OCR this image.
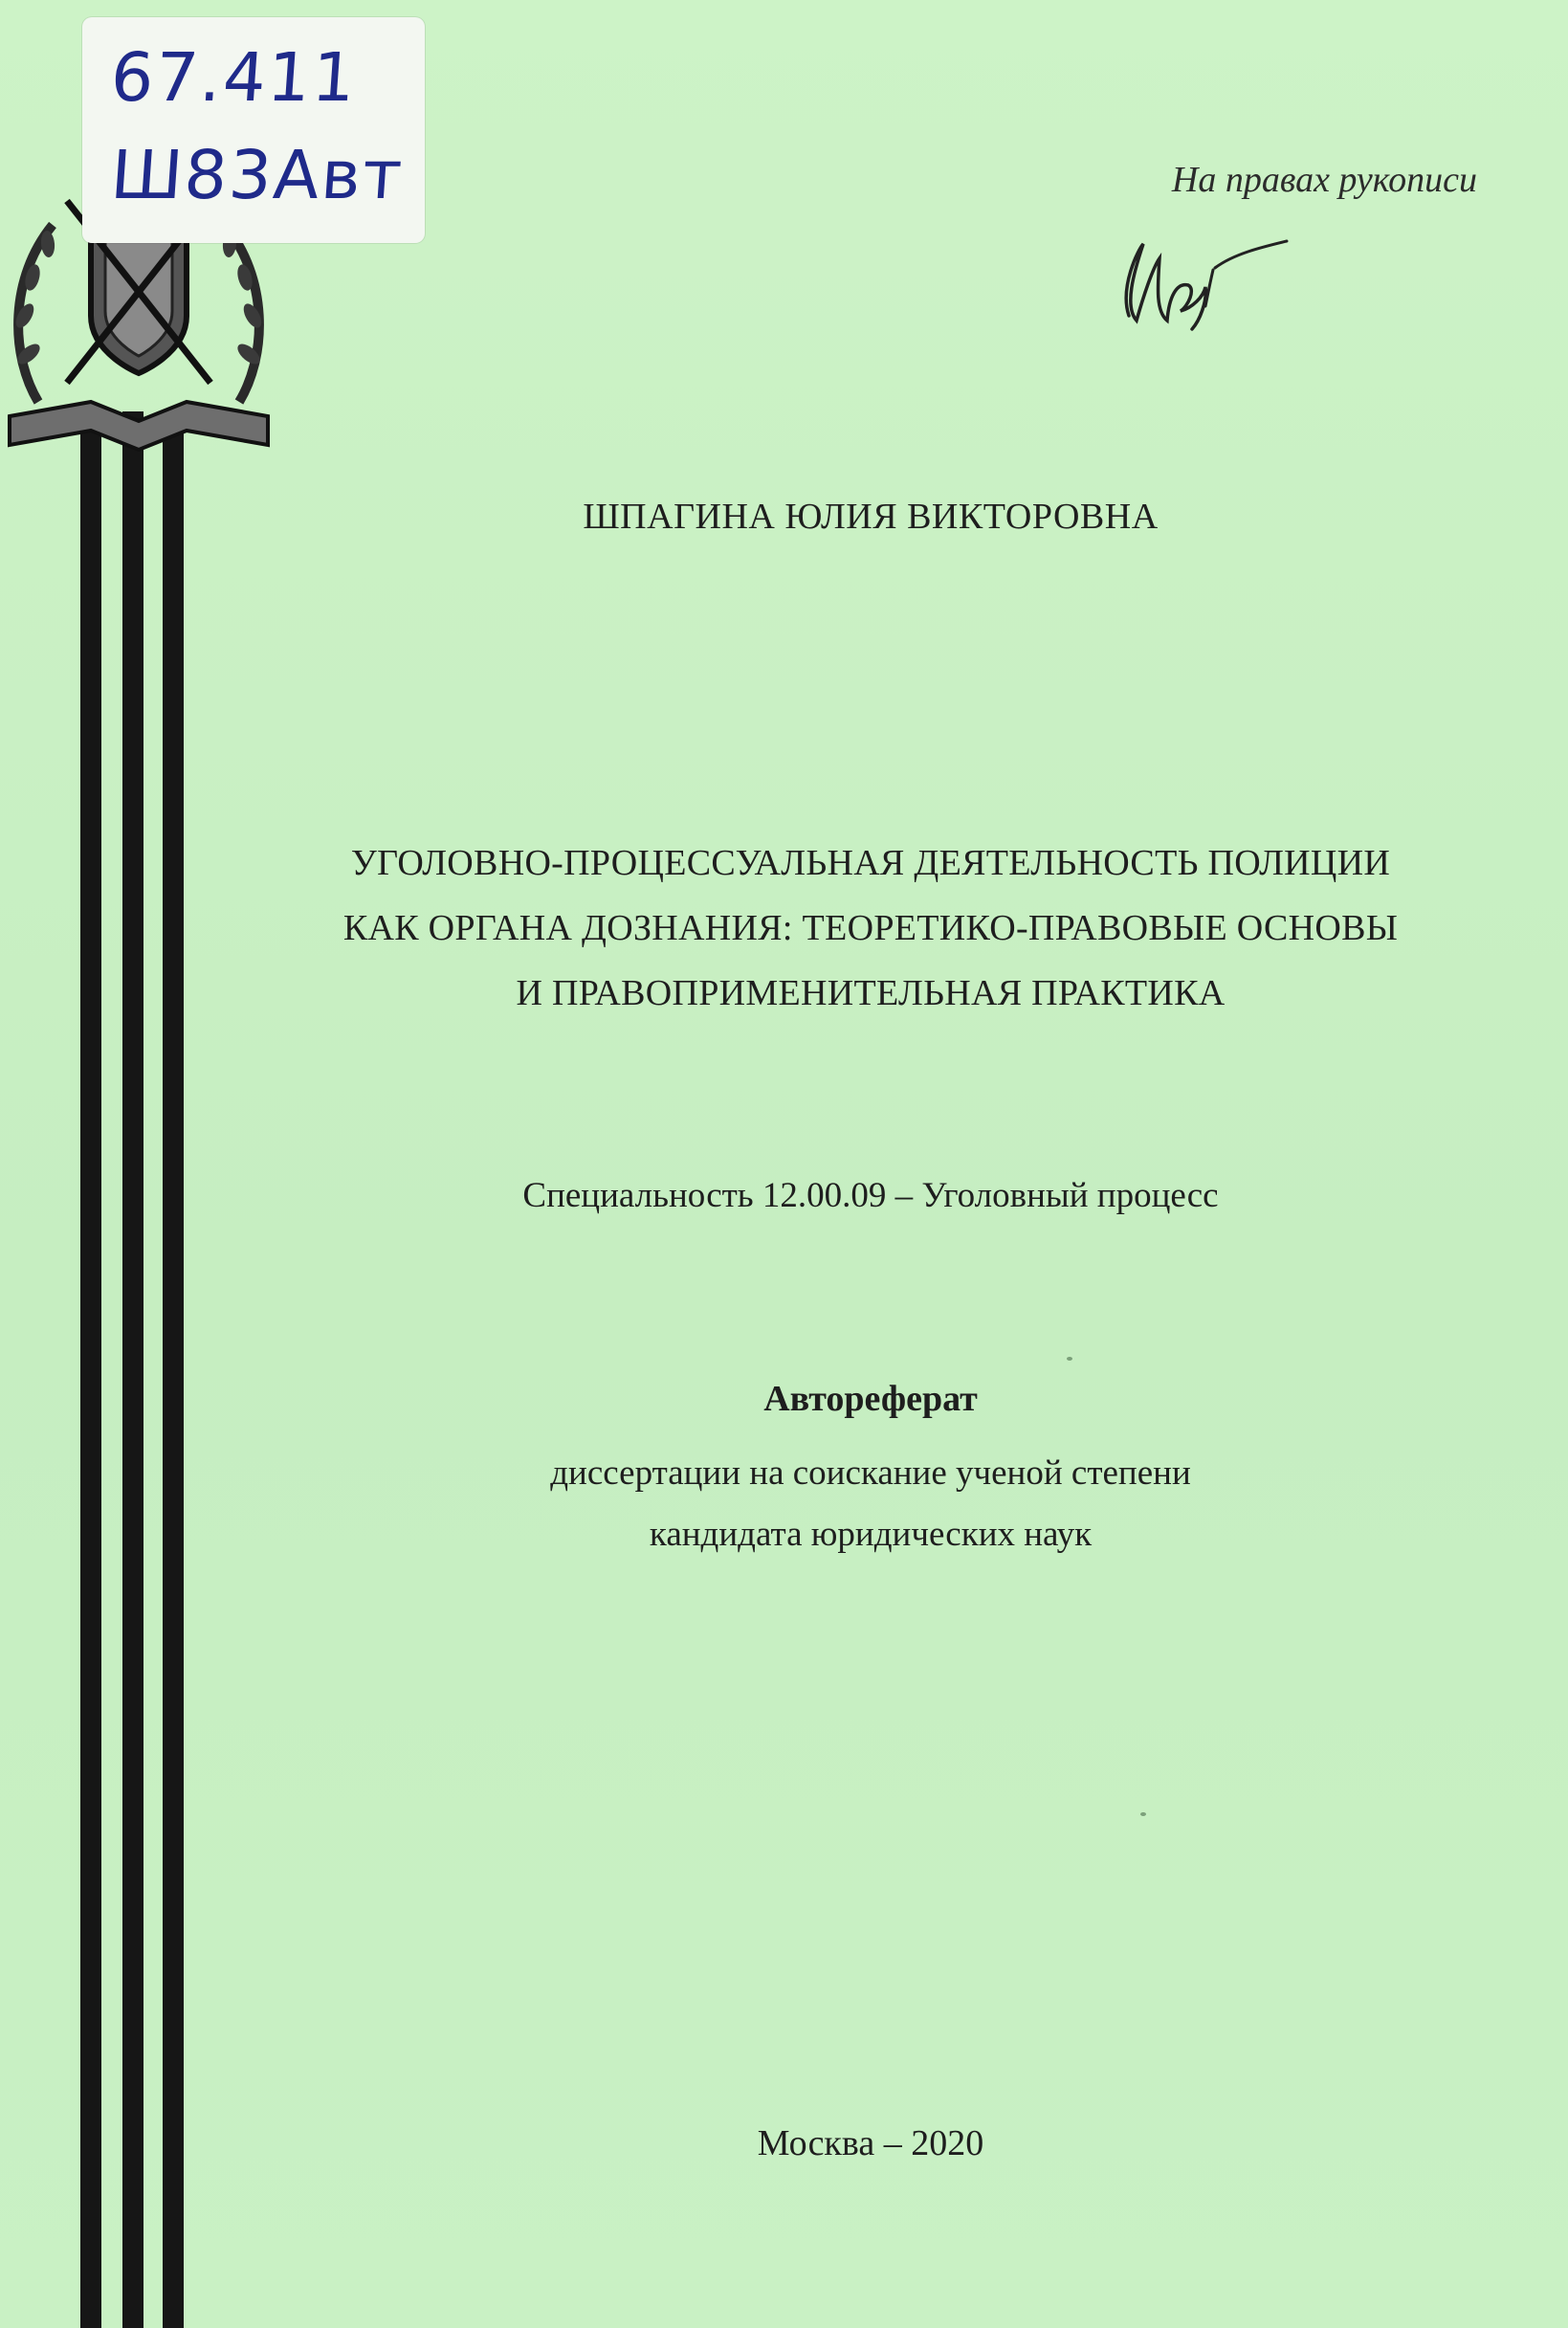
67.411
Ш83Авт	На правах рукописи
ШПАГИНА ЮЛИЯ ВИКТОРОВНА
УГОЛОВНО-ПРОЦЕССУАЛЬНАЯ ДЕЯТЕЛЬНОСТЬ ПОЛИЦИИ
КАК ОРГАНА ДОЗНАНИЯ: ТЕОРЕТИКО-ПРАВОВЫЕ ОСНОВЫ
И ПРАВОПРИМЕНИТЕЛЬНАЯ ПРАКТИКА
Специальность 12.00.09 – Уголовный процесс
Автореферат
диссертации на соискание ученой степени
кандидата юридических наук
Москва – 2020
